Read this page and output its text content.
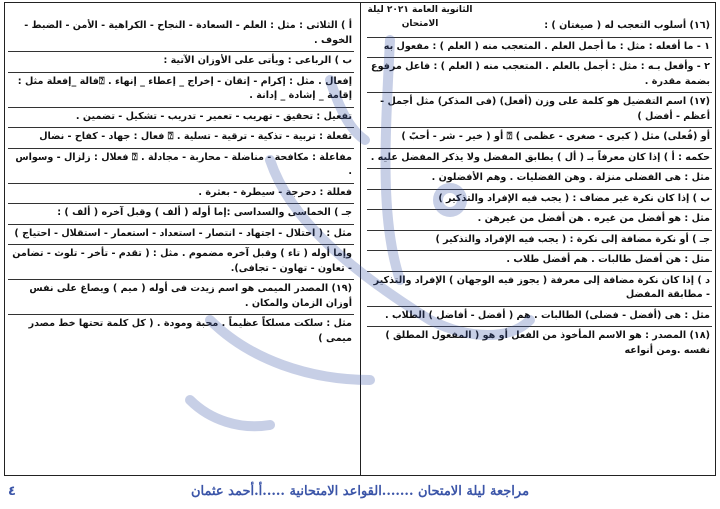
الثانوية العامة ٢٠٢١ ليلة الامتحان	(١٦) أسلوب التعجب له ( صيغتان ) :
١ - ما أفعله : مثل : ما أجمل العلم . المتعجب منه ( العلم ) : مفعول به
٢ - وأفعل بـه : مثل : أجمل بالعلم . المتعجب منه ( العلم ) : فاعل مرفوع بضمة مقدرة .
(١٧) اسم التفضيل هو كلمة على وزن (أفعل) (فى المذكر) مثل أجمل - أعظم - أفضل )
أو (فُعلى) مثل ( كبرى - صغرى - عظمى ) ⍰ أو ( خير - شر - أحبّ )
حكمه : أ ) إذا كان معرفاً بـ ( أل ) يطابق المفضل ولا يذكر المفضل عليه .
مثل : هى الفضلى منزلة . وهن الفضليات . وهم الأفضلون .
ب ) إذا كان نكرة غير مضاف : ( يجب فيه الإفراد والتذكير )
مثل : هو أفضل من غيره . هن أفضل من غيرهن .
جـ ) أو نكرة مضافة إلى نكرة : ( يجب فيه الإفراد والتذكير )
مثل : هن أفضل طالبات . هم أفضل طلاب .
د ) إذا كان نكرة مضافة إلى معرفة ( يجوز فيه الوجهان ) الإفراد والتذكير - مطابقة المفضل
مثل : هى (أفضل - فضلى) الطالبات . هم ( أفضل - أفاضل ) الطلاب .
(١٨) المصدر : هو الاسم المأخوذ من الفعل أو هو ( المفعول المطلق ) نفسه .ومن أنواعه
أ ) الثلاثى : مثل : العلم - السعادة - النجاح - الكراهية - الأمن - الضبط - الخوف .
ب ) الرباعى : ويأتى على الأوزان الآتية :
إفعال . مثل : إكرام - إتقان - إخراج _ إعطاء _ إنهاء . ⍰فالة _إفعلة مثل : إقامة _ إشادة _ إدانة .
تفعيل : تحقيق - تهريب - تعمير - تدريب - تشكيل - تضمين .
تفعلة : تربية - تذكية - ترقية - تسلية . ⍰ فعال : جهاد - كفاح - نضال
مفاعلة : مكافحة - مناضلة - محاربة - مجادلة . ⍰ فعلال : زلزال - وسواس .
فعللة : دحرجة - سيطرة - بعثرة .
جـ ) الخماسى والسداسى :إما أوله ( ألف ) وقبل آخره ( ألف ) :
مثل : ( احتلال - اجتهاد - انتصار - استعداد - استعمار - استقلال - احتياج )
وإما أوله ( تاء ) وقبل آخره مضموم . مثل : ( تقدم - تأخر - تلوث - تضامن - تعاون - تهاون - تجافى).
(١٩) المصدر الميمى هو اسم زيدت فى أوله ( ميم ) ويصاغ على نفس أوزان الزمان والمكان .
مثل : سلكت مسلكاً عظيماً . محبة ومودة . ( كل كلمة تحتها خط مصدر ميمى )
مراجعة ليلة الامتحان .......القواعد الامتحانية .....أ.أحمد عثمان
٤
